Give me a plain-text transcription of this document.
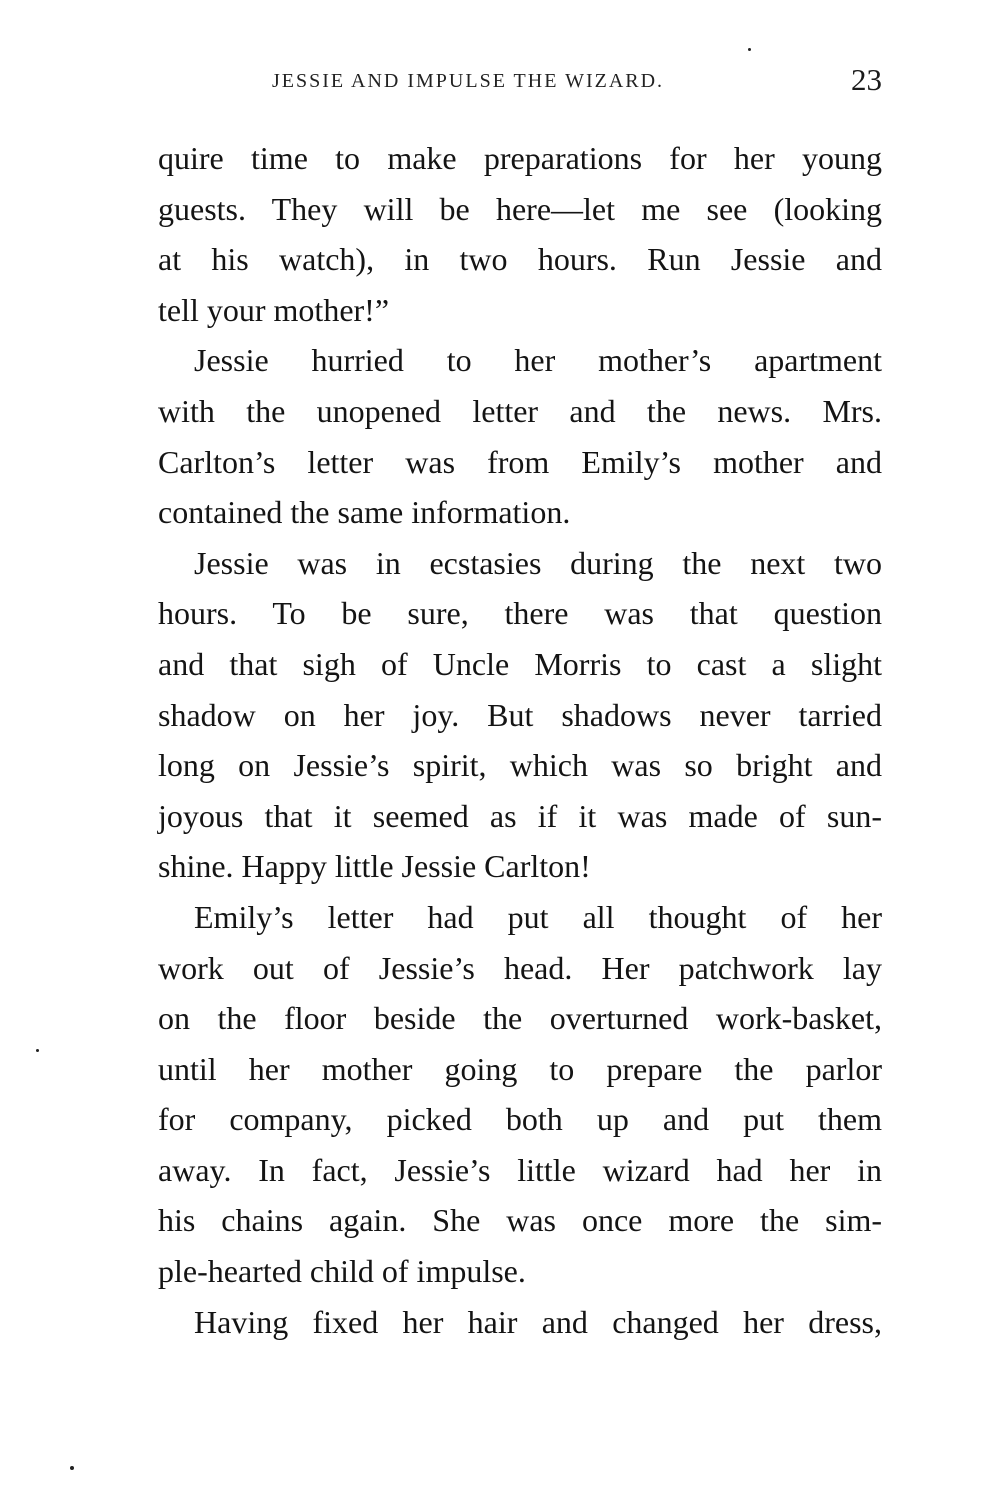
JESSIE AND IMPULSE THE WIZARD.	23

quire time to make preparations for her young
guests. They will be here—let me see (looking
at his watch), in two hours. Run Jessie and
tell your mother!”

Jessie hurried to her mother’s apartment
with the unopened letter and the news. Mrs.
Carlton’s letter was from Emily’s mother and
contained the same information.

Jessie was in ecstasies during the next two
hours. To be sure, there was that question
and that sigh of Uncle Morris to cast a slight
shadow on her joy. But shadows never tarried
long on Jessie’s spirit, which was so bright and
joyous that it seemed as if it was made of sun-
shine. Happy little Jessie Carlton!

Emily’s letter had put all thought of her
work out of Jessie’s head. Her patchwork lay
on the floor beside the overturned work-basket,
until her mother going to prepare the parlor
for company, picked both up and put them
away. In fact, Jessie’s little wizard had her in
his chains again. She was once more the sim-
ple-hearted child of impulse.

Having fixed her hair and changed her dress,
